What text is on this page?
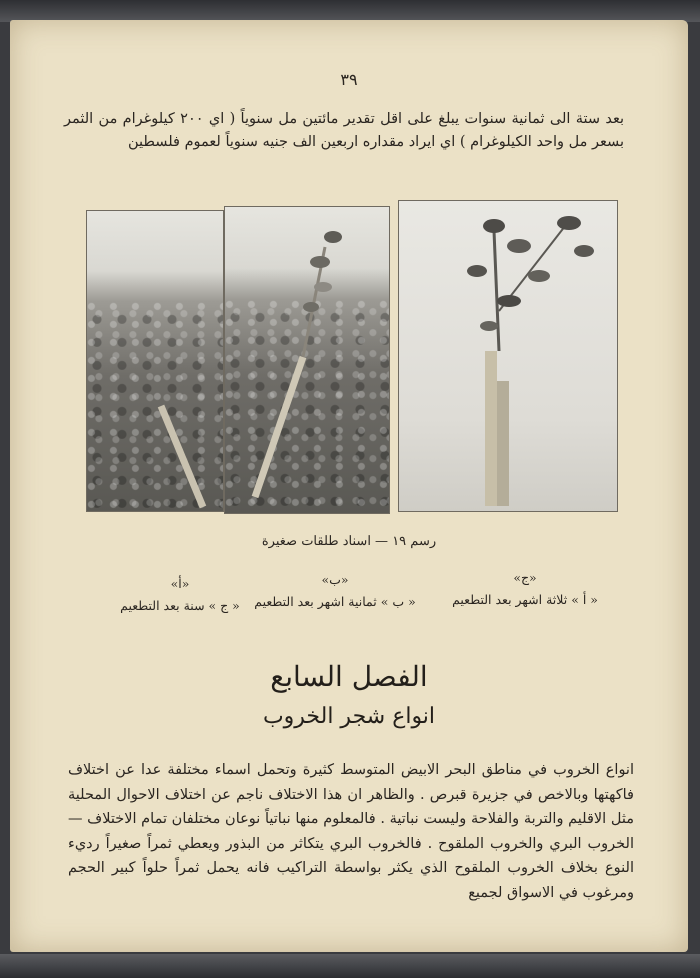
٣٩
بعد ستة الى ثمانية سنوات يبلغ على اقل تقدير مائتين مل سنوياً ( اي ٢٠٠ كيلوغرام من الثمر بسعر مل واحد الكيلوغرام ) اي ايراد مقداره اربعين الف جنيه سنوياً لعموم فلسطين
رسم ١٩ — اسناد طلقات صغيرة
«ج»
« أ » ثلاثة اشهر بعد التطعيم
«ب»
« ب » ثمانية اشهر بعد التطعيم
«أ»
« ج » سنة بعد التطعيم
الفصل السابع
انواع شجر الخروب
انواع الخروب في مناطق البحر الابيض المتوسط كثيرة وتحمل اسماء مختلفة عدا عن اختلاف فاكهتها وبالاخص في جزيرة قبرص . والظاهر ان هذا الاختلاف ناجم عن اختلاف الاحوال المحلية مثل الاقليم والتربة والفلاحة وليست نباتية . فالمعلوم منها نباتياً نوعان مختلفان تمام الاختلاف — الخروب البري والخروب الملقوح . فالخروب البري يتكاثر من البذور ويعطي ثمراً صغيراً رديء النوع بخلاف الخروب الملقوح الذي يكثر بواسطة التراكيب فانه يحمل ثمراً حلواً كبير الحجم ومرغوب في الاسواق لجميع
